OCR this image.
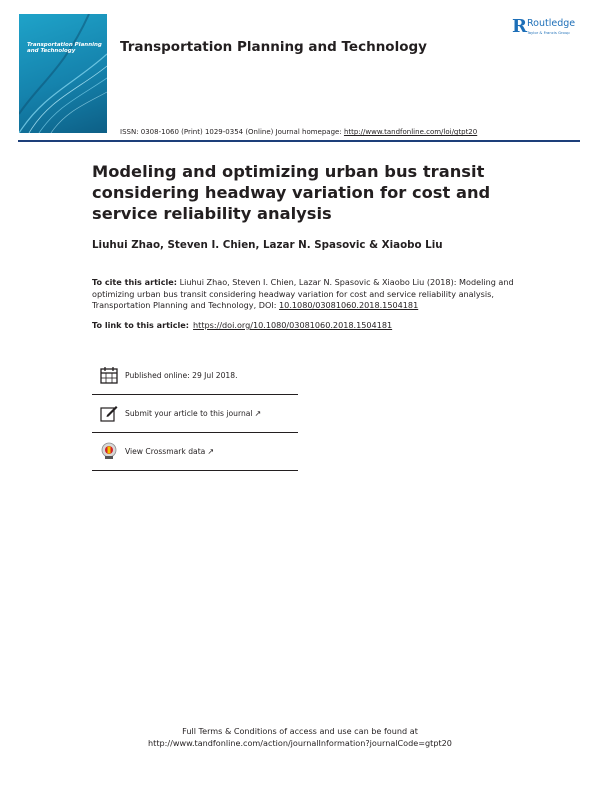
Transportation Planning and Technology	Transportation Planning and Technology
R Routledge
Taylor & Francis Group
ISSN: 0308-1060 (Print) 1029-0354 (Online) Journal homepage: http://www.tandfonline.com/loi/gtpt20
Modeling and optimizing urban bus transit considering headway variation for cost and service reliability analysis
Liuhui Zhao, Steven I. Chien, Lazar N. Spasovic & Xiaobo Liu
To cite this article: Liuhui Zhao, Steven I. Chien, Lazar N. Spasovic & Xiaobo Liu (2018): Modeling and optimizing urban bus transit considering headway variation for cost and service reliability analysis, Transportation Planning and Technology, DOI: 10.1080/03081060.2018.1504181
To link to this article: https://doi.org/10.1080/03081060.2018.1504181
Published online: 29 Jul 2018.
Submit your article to this journal ↗
View Crossmark data ↗
Full Terms & Conditions of access and use can be found at
http://www.tandfonline.com/action/journalInformation?journalCode=gtpt20
